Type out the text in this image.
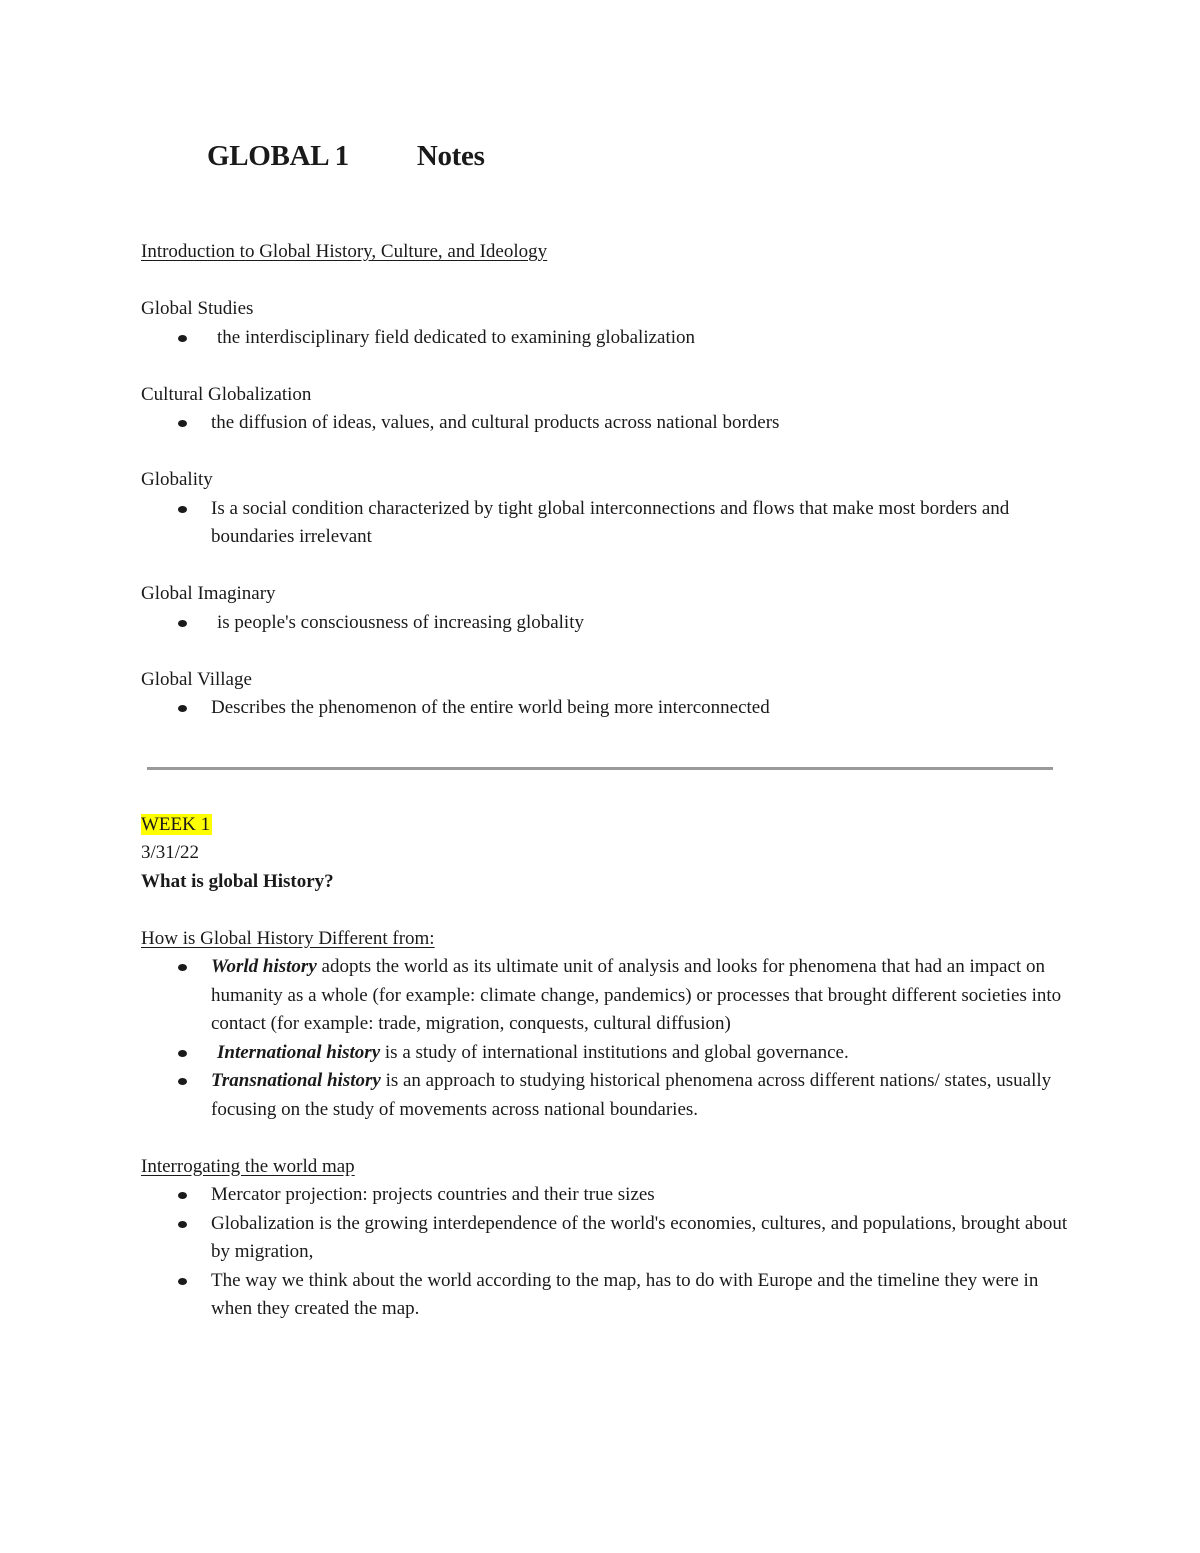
GLOBAL 1 Notes

Introduction to Global History, Culture, and Ideology

Global Studies

the interdisciplinary field dedicated to examining globalization

Cultural Globalization

the diffusion of ideas, values, and cultural products across national borders

Globality

Is a social condition characterized by tight global interconnections and flows that make most borders and boundaries irrelevant

Global Imaginary

is people's consciousness of increasing globality

Global Village

Describes the phenomenon of the entire world being more interconnected

WEEK 1

3/31/22

What is global History?

How is Global History Different from:

World history adopts the world as its ultimate unit of analysis and looks for phenomena that had an impact on humanity as a whole (for example: climate change, pandemics) or processes that brought different societies into contact (for example: trade, migration, conquests, cultural diffusion)
International history is a study of international institutions and global governance.
Transnational history is an approach to studying historical phenomena across different nations/ states, usually focusing on the study of movements across national boundaries.

Interrogating the world map

Mercator projection: projects countries and their true sizes
Globalization is the growing interdependence of the world's economies, cultures, and populations, brought about by migration,
The way we think about the world according to the map, has to do with Europe and the timeline they were in when they created the map.
